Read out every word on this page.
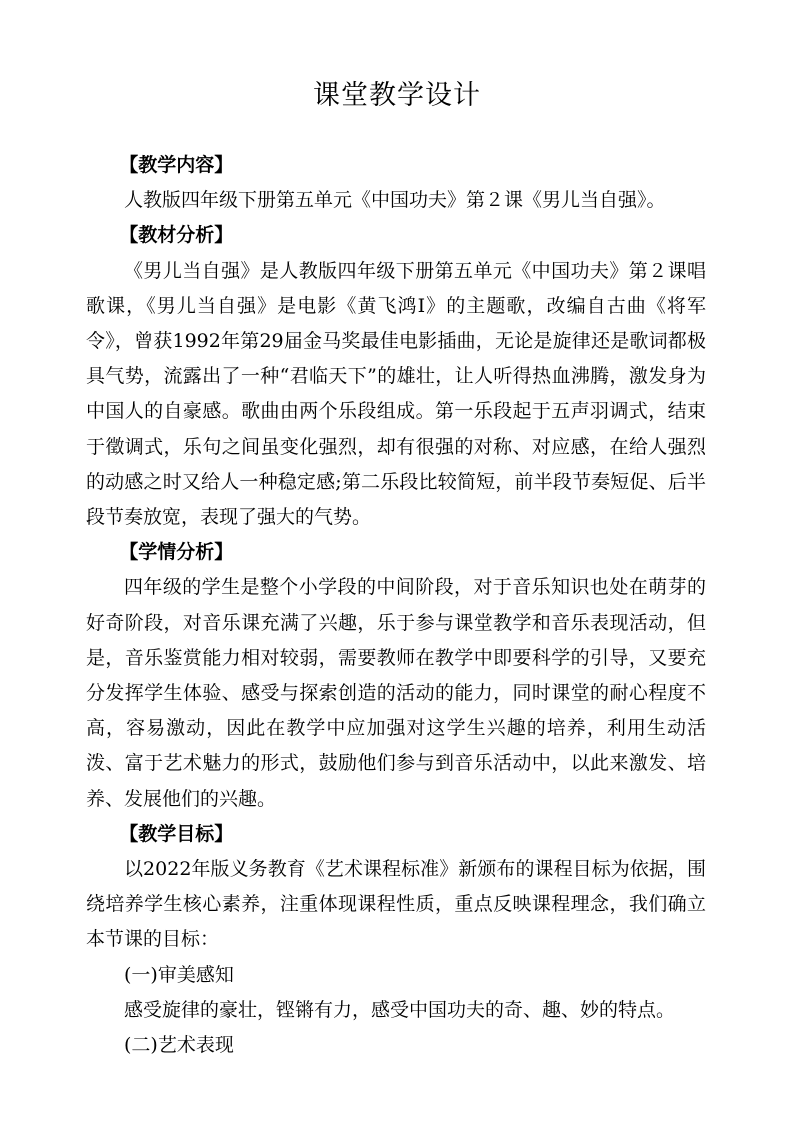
课堂教学设计

【教学内容】

人教版四年级下册第五单元《中国功夫》第２课《男儿当自强》。

【教材分析】

《男儿当自强》是人教版四年级下册第五单元《中国功夫》第２课唱歌课，《男儿当自强》是电影《黄飞鸿Ⅰ》的主题歌，改编自古曲《将军令》，曾获1992年第29届金马奖最佳电影插曲，无论是旋律还是歌词都极具气势，流露出了一种“君临天下”的雄壮，让人听得热血沸腾，激发身为中国人的自豪感。歌曲由两个乐段组成。第一乐段起于五声羽调式，结束于徵调式，乐句之间虽变化强烈，却有很强的对称、对应感，在给人强烈的动感之时又给人一种稳定感;第二乐段比较简短，前半段节奏短促、后半段节奏放宽，表现了强大的气势。

【学情分析】

四年级的学生是整个小学段的中间阶段，对于音乐知识也处在萌芽的好奇阶段，对音乐课充满了兴趣，乐于参与课堂教学和音乐表现活动，但是，音乐鉴赏能力相对较弱，需要教师在教学中即要科学的引导，又要充分发挥学生体验、感受与探索创造的活动的能力，同时课堂的耐心程度不高，容易激动，因此在教学中应加强对这学生兴趣的培养，利用生动活泼、富于艺术魅力的形式，鼓励他们参与到音乐活动中，以此来激发、培养、发展他们的兴趣。

【教学目标】

以2022年版义务教育《艺术课程标准》新颁布的课程目标为依据，围绕培养学生核心素养，注重体现课程性质，重点反映课程理念，我们确立本节课的目标：

(一)审美感知

感受旋律的豪壮，铿锵有力，感受中国功夫的奇、趣、妙的特点。

(二)艺术表现
